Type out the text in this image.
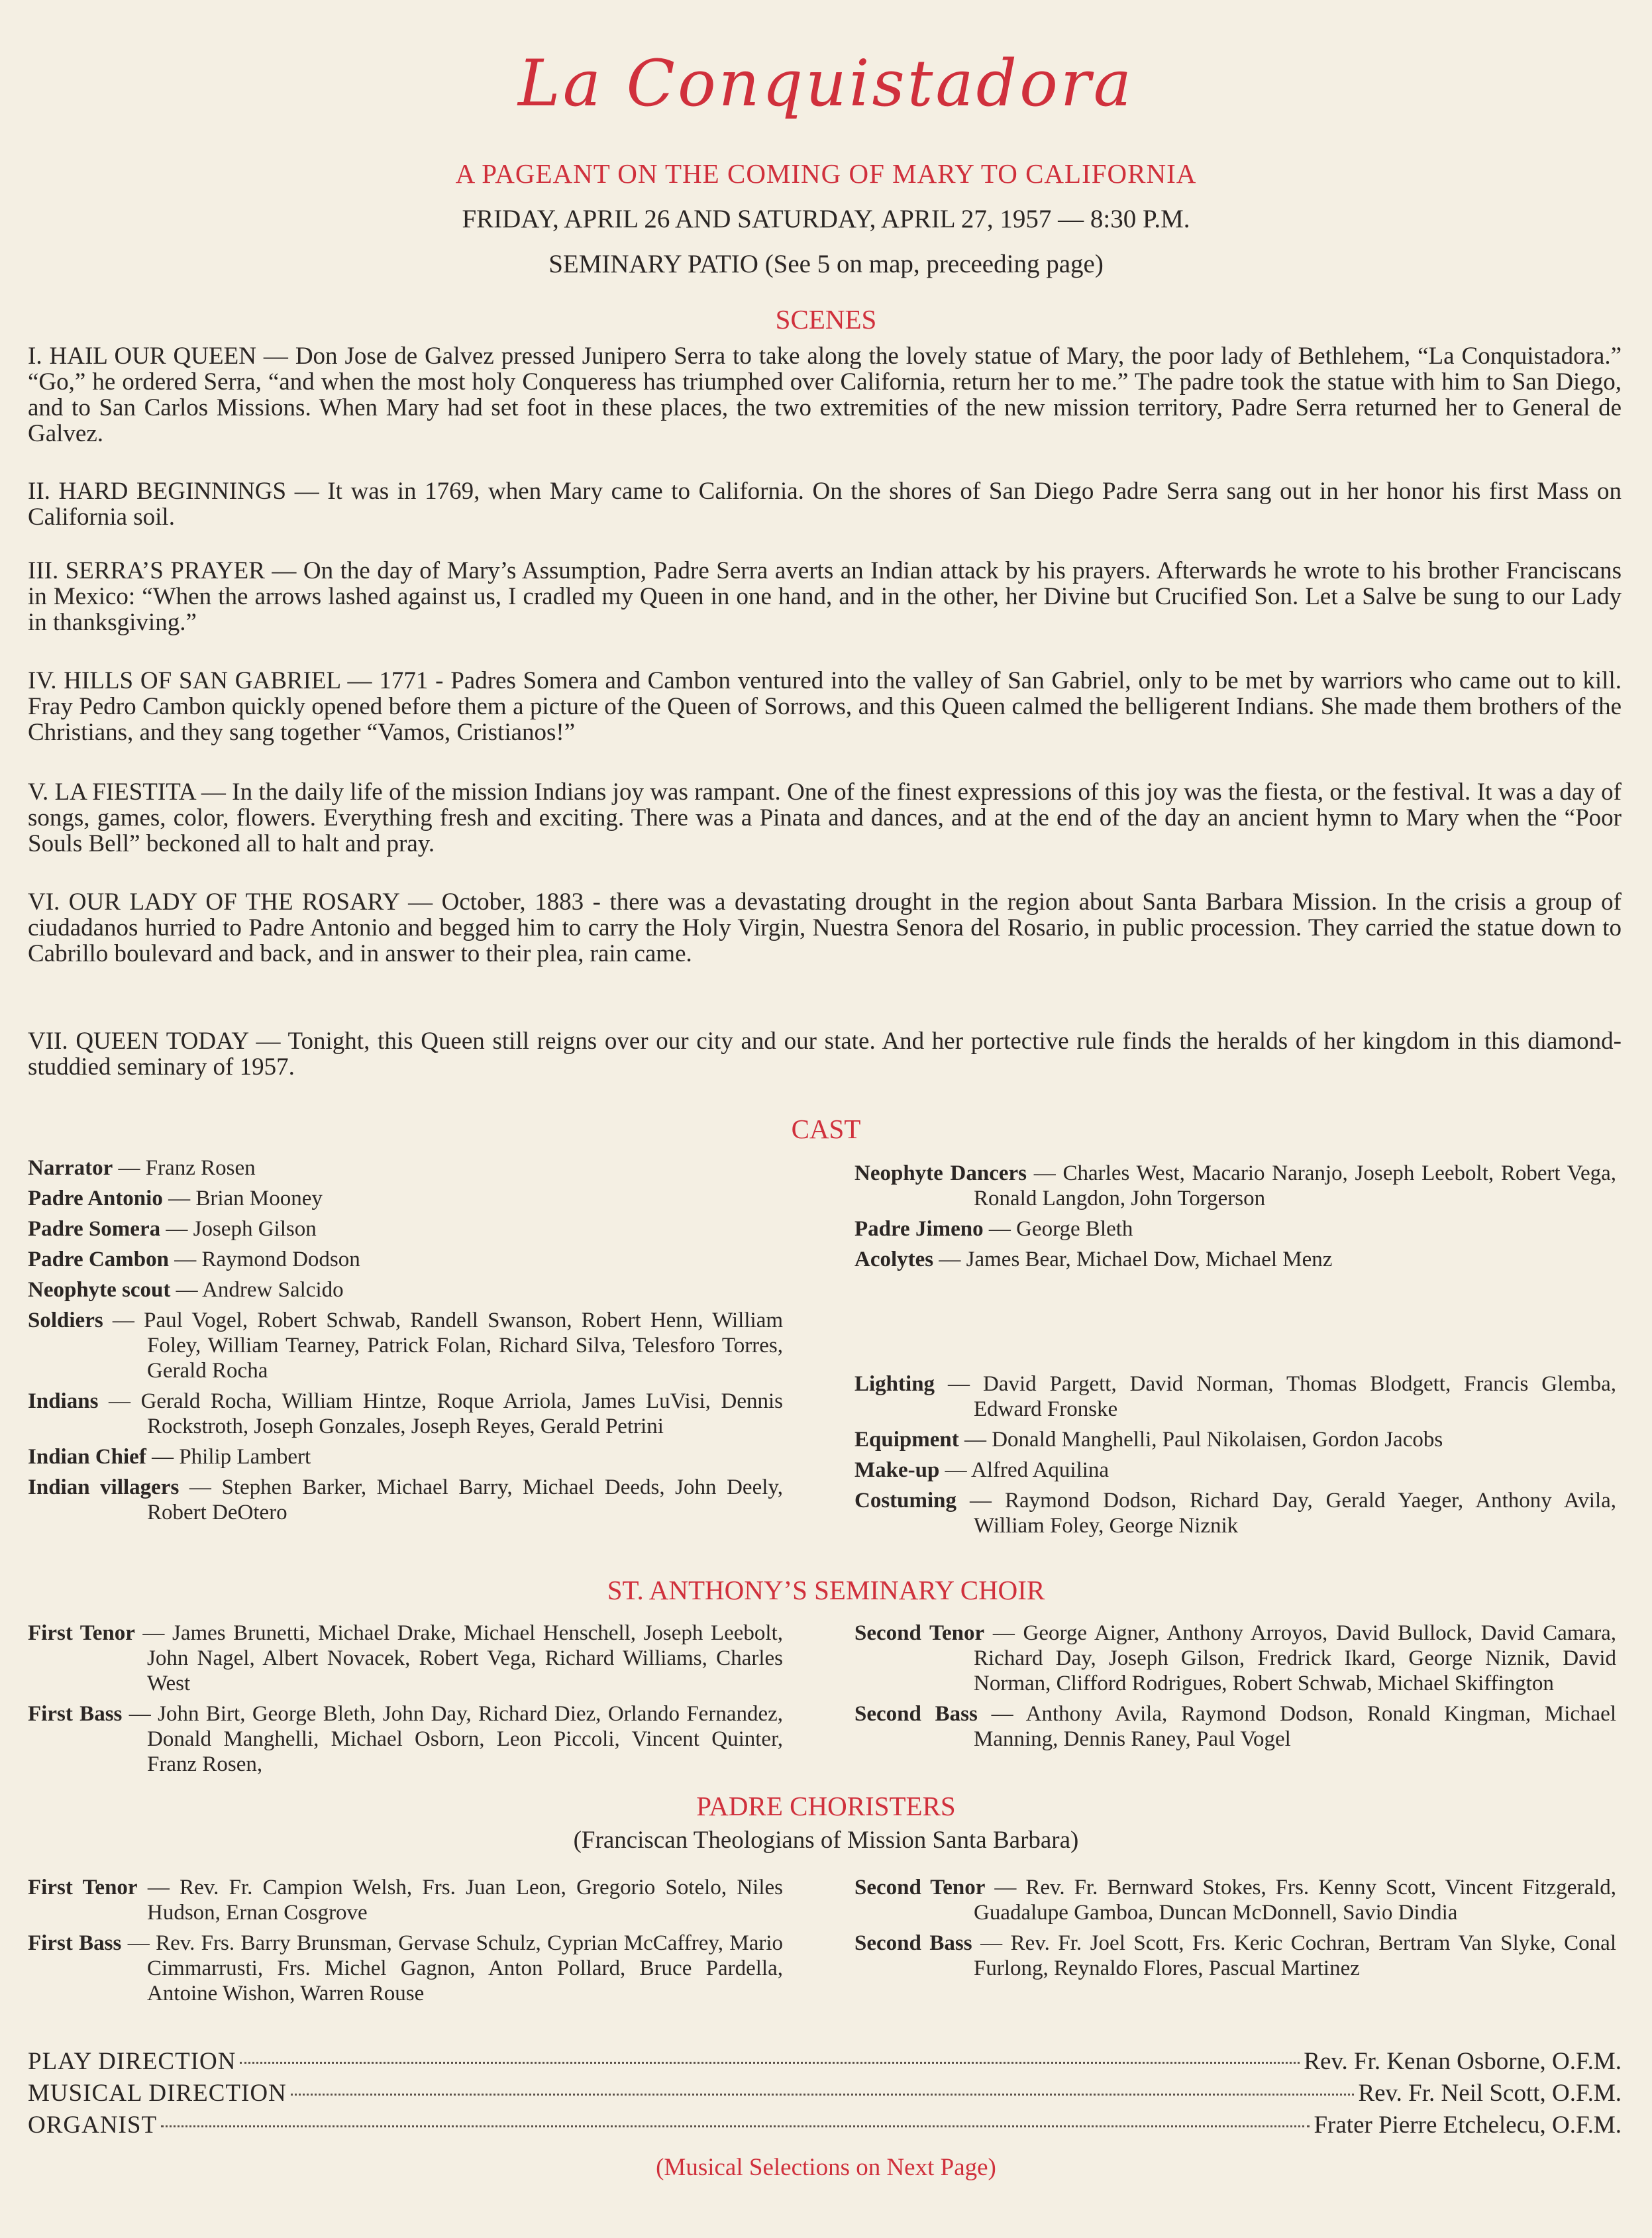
La Conquistadora
A PAGEANT ON THE COMING OF MARY TO CALIFORNIA
FRIDAY, APRIL 26 AND SATURDAY, APRIL 27, 1957 — 8:30 P.M.
SEMINARY PATIO (See 5 on map, preceeding page)
SCENES

I. HAIL OUR QUEEN — Don Jose de Galvez pressed Junipero Serra to take along the lovely statue of Mary, the poor lady of Bethlehem, “La Conquistadora.” “Go,” he ordered Serra, “and when the most holy Conqueress has triumphed over California, return her to me.” The padre took the statue with him to San Diego, and to San Carlos Missions. When Mary had set foot in these places, the two extremities of the new mission territory, Padre Serra returned her to General de Galvez.

II. HARD BEGINNINGS — It was in 1769, when Mary came to California. On the shores of San Diego Padre Serra sang out in her honor his first Mass on California soil.

III. SERRA’S PRAYER — On the day of Mary’s Assumption, Padre Serra averts an Indian attack by his prayers. Afterwards he wrote to his brother Franciscans in Mexico: “When the arrows lashed against us, I cradled my Queen in one hand, and in the other, her Divine but Crucified Son. Let a Salve be sung to our Lady in thanksgiving.”

IV. HILLS OF SAN GABRIEL — 1771 - Padres Somera and Cambon ventured into the valley of San Gabriel, only to be met by warriors who came out to kill. Fray Pedro Cambon quickly opened before them a picture of the Queen of Sorrows, and this Queen calmed the belligerent Indians. She made them brothers of the Christians, and they sang together “Vamos, Cristianos!”

V. LA FIESTITA — In the daily life of the mission Indians joy was rampant. One of the finest expressions of this joy was the fiesta, or the festival. It was a day of songs, games, color, flowers. Everything fresh and exciting. There was a Pinata and dances, and at the end of the day an ancient hymn to Mary when the “Poor Souls Bell” beckoned all to halt and pray.

VI. OUR LADY OF THE ROSARY — October, 1883 - there was a devastating drought in the region about Santa Barbara Mission. In the crisis a group of ciudadanos hurried to Padre Antonio and begged him to carry the Holy Virgin, Nuestra Senora del Rosario, in public procession. They carried the statue down to Cabrillo boulevard and back, and in answer to their plea, rain came.

VII. QUEEN TODAY — Tonight, this Queen still reigns over our city and our state. And her portective rule finds the heralds of her kingdom in this diamond-studdied seminary of 1957.

CAST
Narrator — Franz Rosen
Padre Antonio — Brian Mooney
Padre Somera — Joseph Gilson
Padre Cambon — Raymond Dodson
Neophyte scout — Andrew Salcido
Soldiers — Paul Vogel, Robert Schwab, Randell Swanson, Robert Henn, William Foley, William Tearney, Patrick Folan, Richard Silva, Telesforo Torres, Gerald Rocha
Indians — Gerald Rocha, William Hintze, Roque Arriola, James LuVisi, Dennis Rockstroth, Joseph Gonzales, Joseph Reyes, Gerald Petrini
Indian Chief — Philip Lambert
Indian villagers — Stephen Barker, Michael Barry, Michael Deeds, John Deely, Robert DeOtero
Neophyte Dancers — Charles West, Macario Naranjo, Joseph Leebolt, Robert Vega, Ronald Langdon, John Torgerson
Padre Jimeno — George Bleth
Acolytes — James Bear, Michael Dow, Michael Menz
Lighting — David Pargett, David Norman, Thomas Blodgett, Francis Glemba, Edward Fronske
Equipment — Donald Manghelli, Paul Nikolaisen, Gordon Jacobs
Make-up — Alfred Aquilina
Costuming — Raymond Dodson, Richard Day, Gerald Yaeger, Anthony Avila, William Foley, George Niznik
ST. ANTHONY’S SEMINARY CHOIR
First Tenor — James Brunetti, Michael Drake, Michael Henschell, Joseph Leebolt, John Nagel, Albert Novacek, Robert Vega, Richard Williams, Charles West
First Bass — John Birt, George Bleth, John Day, Richard Diez, Orlando Fernandez, Donald Manghelli, Michael Osborn, Leon Piccoli, Vincent Quinter, Franz Rosen,
Second Tenor — George Aigner, Anthony Arroyos, David Bullock, David Camara, Richard Day, Joseph Gilson, Fredrick Ikard, George Niznik, David Norman, Clifford Rodrigues, Robert Schwab, Michael Skiffington
Second Bass — Anthony Avila, Raymond Dodson, Ronald Kingman, Michael Manning, Dennis Raney, Paul Vogel
PADRE CHORISTERS
(Franciscan Theologians of Mission Santa Barbara)
First Tenor — Rev. Fr. Campion Welsh, Frs. Juan Leon, Gregorio Sotelo, Niles Hudson, Ernan Cosgrove
First Bass — Rev. Frs. Barry Brunsman, Gervase Schulz, Cyprian McCaffrey, Mario Cimmarrusti, Frs. Michel Gagnon, Anton Pollard, Bruce Pardella, Antoine Wishon, Warren Rouse
Second Tenor — Rev. Fr. Bernward Stokes, Frs. Kenny Scott, Vincent Fitzgerald, Guadalupe Gamboa, Duncan McDonnell, Savio Dindia
Second Bass — Rev. Fr. Joel Scott, Frs. Keric Cochran, Bertram Van Slyke, Conal Furlong, Reynaldo Flores, Pascual Martinez
PLAY DIRECTION	Rev. Fr. Kenan Osborne, O.F.M.
MUSICAL DIRECTION	Rev. Fr. Neil Scott, O.F.M.
ORGANIST	Frater Pierre Etchelecu, O.F.M.
(Musical Selections on Next Page)
